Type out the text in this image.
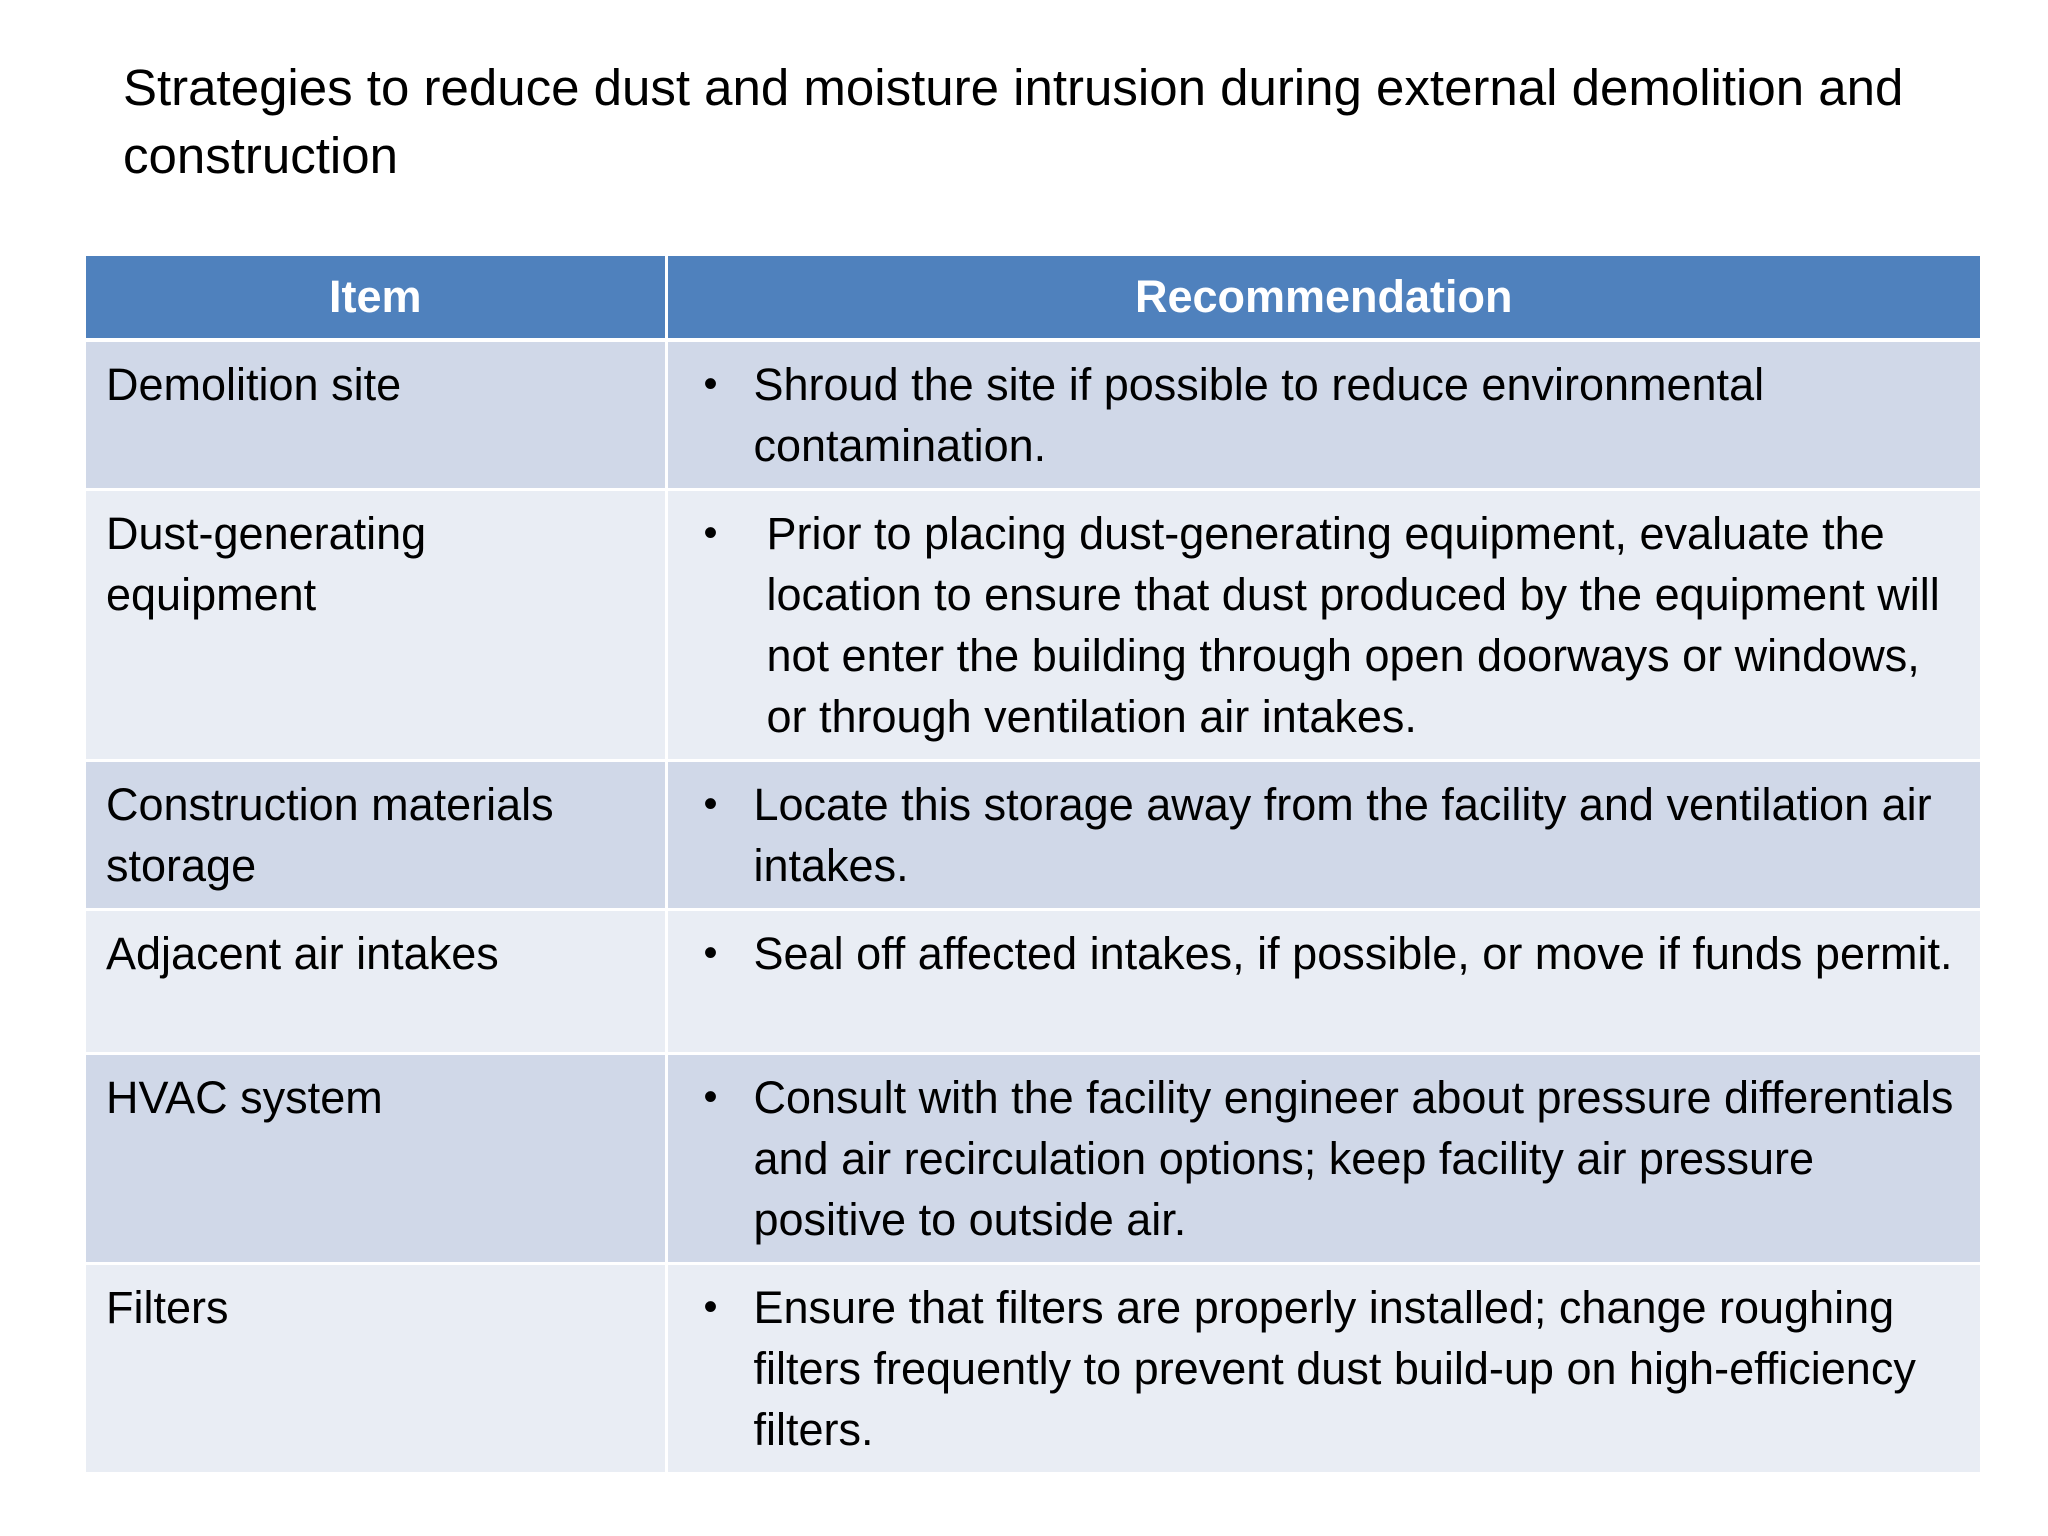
Strategies to reduce dust and moisture intrusion during external demolition and construction
Item	Recommendation
Demolition site	• Shroud the site if possible to reduce environmental contamination.

Dust-generating equipment	• Prior to placing dust-generating equipment, evaluate the location to ensure that dust produced by the equipment will not enter the building through open doorways or windows, or through ventilation air intakes.

Construction materials storage	• Locate this storage away from the facility and ventilation air intakes.

Adjacent air intakes	• Seal off affected intakes, if possible, or move if funds permit.

HVAC system	• Consult with the facility engineer about pressure differentials and air recirculation options; keep facility air pressure positive to outside air.

Filters	• Ensure that filters are properly installed; change roughing filters frequently to prevent dust build-up on high-efficiency filters.
